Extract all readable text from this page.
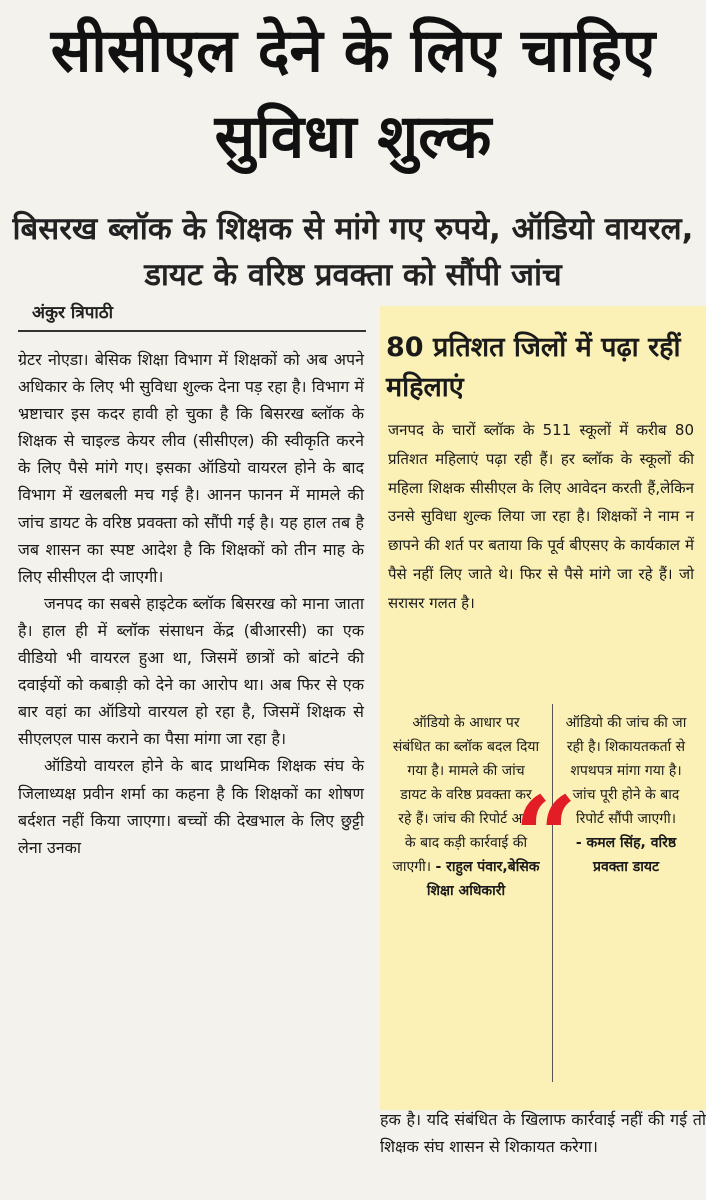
सीसीएल देने के लिए चाहिए सुविधा शुल्क
बिसरख ब्लॉक के शिक्षक से मांगे गए रुपये, ऑडियो वायरल, डायट के वरिष्ठ प्रवक्ता को सौंपी जांच
अंकुर त्रिपाठी

ग्रेटर नोएडा। बेसिक शिक्षा विभाग में शिक्षकों को अब अपने अधिकार के लिए भी सुविधा शुल्क देना पड़ रहा है। विभाग में भ्रष्टाचार इस कदर हावी हो चुका है कि बिसरख ब्लॉक के शिक्षक से चाइल्ड केयर लीव (सीसीएल) की स्वीकृति करने के लिए पैसे मांगे गए। इसका ऑडियो वायरल होने के बाद विभाग में खलबली मच गई है। आनन फानन में मामले की जांच डायट के वरिष्ठ प्रवक्ता को सौंपी गई है। यह हाल तब है जब शासन का स्पष्ट आदेश है कि शिक्षकों को तीन माह के लिए सीसीएल दी जाएगी।

जनपद का सबसे हाइटेक ब्लॉक बिसरख को माना जाता है। हाल ही में ब्लॉक संसाधन केंद्र (बीआरसी) का एक वीडियो भी वायरल हुआ था, जिसमें छात्रों को बांटने की दवाईयों को कबाड़ी को देने का आरोप था। अब फिर से एक बार वहां का ऑडियो वारयल हो रहा है, जिसमें शिक्षक से सीएलएल पास कराने का पैसा मांगा जा रहा है।

ऑडियो वायरल होने के बाद प्राथमिक शिक्षक संघ के जिलाध्यक्ष प्रवीन शर्मा का कहना है कि शिक्षकों का शोषण बर्दशत नहीं किया जाएगा। बच्चों की देखभाल के लिए छुट्टी लेना उनका

80 प्रतिशत जिलों में पढ़ा रहीं महिलाएं
जनपद के चारों ब्लॉक के 511 स्कूलों में करीब 80 प्रतिशत महिलाएं पढ़ा रही हैं। हर ब्लॉक के स्कूलों की महिला शिक्षक सीसीएल के लिए आवेदन करती हैं,लेकिन उनसे सुविधा शुल्क लिया जा रहा है। शिक्षकों ने नाम न छापने की शर्त पर बताया कि पूर्व बीएसए के कार्यकाल में पैसे नहीं लिए जाते थे। फिर से पैसे मांगे जा रहे हैं। जो सरासर गलत है।
ऑडियो के आधार पर संबंधित का ब्लॉक बदल दिया गया है। मामले की जांच डायट के वरिष्ठ प्रवक्ता कर रहे हैं। जांच की रिपोर्ट आने के बाद कड़ी कार्रवाई की जाएगी। - राहुल पंवार,बेसिक शिक्षा अधिकारी “
ऑडियो की जांच की जा रही है। शिकायतकर्ता से शपथपत्र मांगा गया है। जांच पूरी होने के बाद रिपोर्ट सौंपी जाएगी।
- कमल सिंह, वरिष्ठ प्रवक्ता डायट

हक है। यदि संबंधित के खिलाफ कार्रवाई नहीं की गई तो शिक्षक संघ शासन से शिकायत करेगा।
